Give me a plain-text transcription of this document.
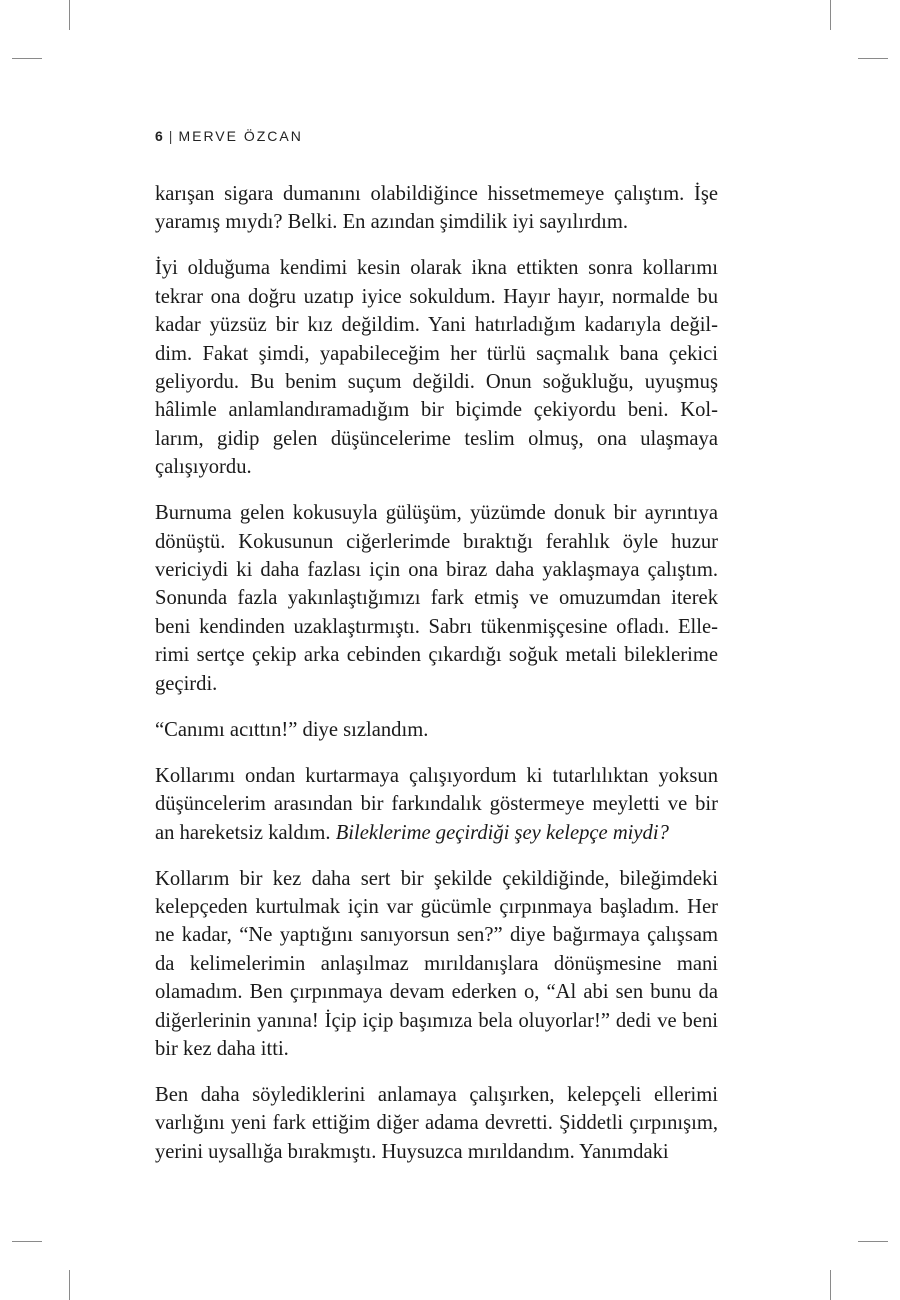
6 | MERVE ÖZCAN

karışan sigara dumanını olabildiğince hissetmemeye çalıştım. İşe yaramış mıydı? Belki. En azından şimdilik iyi sayılırdım.

İyi olduğuma kendimi kesin olarak ikna ettikten sonra kollarımı tekrar ona doğru uzatıp iyice sokuldum. Hayır hayır, normalde bu kadar yüzsüz bir kız değildim. Yani hatırladığım kadarıyla değildim. Fakat şimdi, yapabileceğim her türlü saçmalık bana çekici geliyordu. Bu benim suçum değildi. Onun soğukluğu, uyuşmuş hâlimle anlamlandıramadığım bir biçimde çekiyordu beni. Kollarım, gidip gelen düşüncelerime teslim olmuş, ona ulaşmaya çalışıyordu.

Burnuma gelen kokusuyla gülüşüm, yüzümde donuk bir ayrıntıya dönüştü. Kokusunun ciğerlerimde bıraktığı ferahlık öyle huzur vericiydi ki daha fazlası için ona biraz daha yaklaşmaya çalıştım. Sonunda fazla yakınlaştığımızı fark etmiş ve omuzumdan iterek beni kendinden uzaklaştırmıştı. Sabrı tükenmişçesine ofladı. Ellerimi sertçe çekip arka cebinden çıkardığı soğuk metali bileklerime geçirdi.

“Canımı acıttın!” diye sızlandım.

Kollarımı ondan kurtarmaya çalışıyordum ki tutarlılıktan yoksun düşüncelerim arasından bir farkındalık göstermeye meyletti ve bir an hareketsiz kaldım. Bileklerime geçirdiği şey kelepçe miydi?

Kollarım bir kez daha sert bir şekilde çekildiğinde, bileğimdeki kelepçeden kurtulmak için var gücümle çırpınmaya başladım. Her ne kadar, “Ne yaptığını sanıyorsun sen?” diye bağırmaya çalışsam da kelimelerimin anlaşılmaz mırıldanışlara dönüşmesine mani olamadım. Ben çırpınmaya devam ederken o, “Al abi sen bunu da diğerlerinin yanına! İçip içip başımıza bela oluyorlar!” dedi ve beni bir kez daha itti.

Ben daha söylediklerini anlamaya çalışırken, kelepçeli ellerimi varlığını yeni fark ettiğim diğer adama devretti. Şiddetli çırpınışım, yerini uysallığa bırakmıştı. Huysuzca mırıldandım. Yanımdaki
